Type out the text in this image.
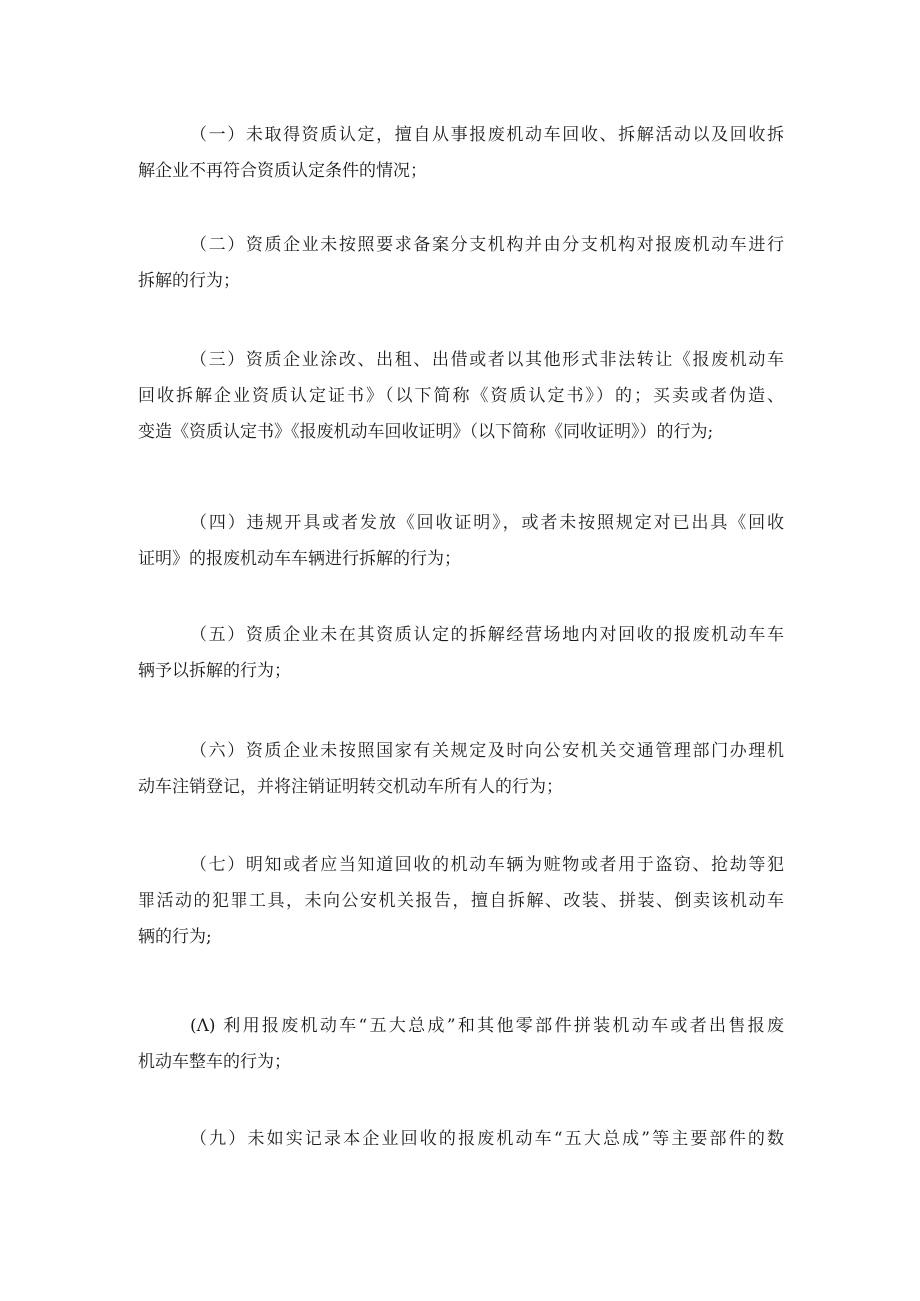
（一）未取得资质认定，擅自从事报废机动车回收、拆解活动以及回收拆
解企业不再符合资质认定条件的情况；
（二）资质企业未按照要求备案分支机构并由分支机构对报废机动车进行
拆解的行为；
（三）资质企业涂改、出租、出借或者以其他形式非法转让《报废机动车
回收拆解企业资质认定证书》（以下简称《资质认定书》）的；买卖或者伪造、
变造《资质认定书》《报废机动车回收证明》（以下简称《同收证明》）的行为;
（四）违规开具或者发放《回收证明》，或者未按照规定对已出具《回收
证明》的报废机动车车辆进行拆解的行为；
（五）资质企业未在其资质认定的拆解经营场地内对回收的报废机动车车
辆予以拆解的行为；
（六）资质企业未按照国家有关规定及时向公安机关交通管理部门办理机
动车注销登记，并将注销证明转交机动车所有人的行为；
（七）明知或者应当知道回收的机动车辆为赃物或者用于盗窃、抢劫等犯
罪活动的犯罪工具，未向公安机关报告，擅自拆解、改装、拼装、倒卖该机动车
辆的行为;
(Λ) 利用报废机动车“五大总成”和其他零部件拼装机动车或者出售报废
机动车整车的行为；
（九）未如实记录本企业回收的报废机动车“五大总成”等主要部件的数
